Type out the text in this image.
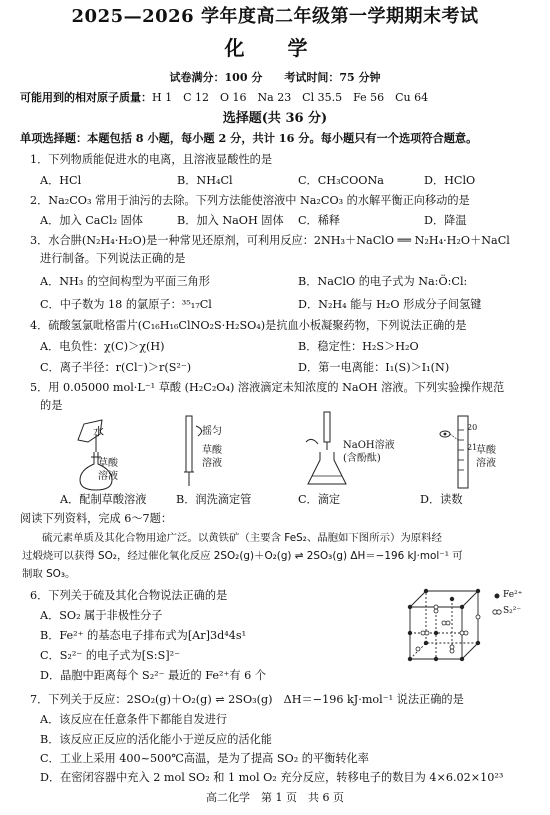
2025—2026 学年度高二年级第一学期期末考试
化 学
试卷满分：100 分　　考试时间：75 分钟
可能用到的相对原子质量：H 1　C 12　O 16　Na 23　Cl 35.5　Fe 56　Cu 64
选择题(共 36 分)
单项选择题：本题包括 8 小题，每小题 2 分，共计 16 分。每小题只有一个选项符合题意。
1．下列物质能促进水的电离，且溶液显酸性的是
A．HCl	B．NH₄Cl	C．CH₃COONa	D．HClO
2．Na₂CO₃ 常用于油污的去除。下列方法能使溶液中 Na₂CO₃ 的水解平衡正向移动的是
A．加入 CaCl₂ 固体	B．加入 NaOH 固体 C．稀释	D．降温
3．水合肼(N₂H₄·H₂O)是一种常见还原剂，可利用反应：2NH₃＋NaClO ══ N₂H₄·H₂O＋NaCl
进行制备。下列说法正确的是
A．NH₃ 的空间构型为平面三角形	B．NaClO 的电子式为 Na:Ö:Cl:
C．中子数为 18 的氯原子：³⁵₁₇Cl	D．N₂H₄ 能与 H₂O 形成分子间氢键
4．硫酸氢氯吡格雷片(C₁₆H₁₆ClNO₂S·H₂SO₄)是抗血小板凝聚药物，下列说法正确的是
A．电负性：χ(C)＞χ(H)	B．稳定性：H₂S＞H₂O
C．离子半径：r(Cl⁻)＞r(S²⁻)	D．第一电离能：I₁(S)＞I₁(N)
5．用 0.05000 mol·L⁻¹ 草酸 (H₂C₂O₄) 溶液滴定未知浓度的 NaOH 溶液。下列实验操作规范
的是
水
草酸
溶液
摇匀
草酸
溶液
NaOH溶液
(含酚酞)
20
21
草酸
溶液
A．配制草酸溶液	B．润洗滴定管	C．滴定	D．读数
阅读下列资料，完成 6～7题：
硫元素单质及其化合物用途广泛。以黄铁矿（主要含 FeS₂、晶胞如下图所示）为原料经
过煅烧可以获得 SO₂，经过催化氧化反应 2SO₂(g)＋O₂(g) ⇌ 2SO₃(g) ΔH＝−196 kJ·mol⁻¹ 可
制取 SO₃。
6．下列关于硫及其化合物说法正确的是
A．SO₂ 属于非极性分子
B．Fe²⁺ 的基态电子排布式为[Ar]3d⁴4s¹
C．S₂²⁻ 的电子式为[S:S]²⁻
D．晶胞中距离每个 S₂²⁻ 最近的 Fe²⁺有 6 个
Fe²⁺
S₂²⁻
7．下列关于反应：2SO₂(g)＋O₂(g) ⇌ 2SO₃(g)　ΔH＝−196 kJ·mol⁻¹ 说法正确的是
A．该反应在任意条件下都能自发进行
B．该反应正反应的活化能小于逆反应的活化能
C．工业上采用 400~500℃高温，是为了提高 SO₂ 的平衡转化率
D．在密闭容器中充入 2 mol SO₂ 和 1 mol O₂ 充分反应，转移电子的数目为 4×6.02×10²³
高二化学　第 1 页　共 6 页
